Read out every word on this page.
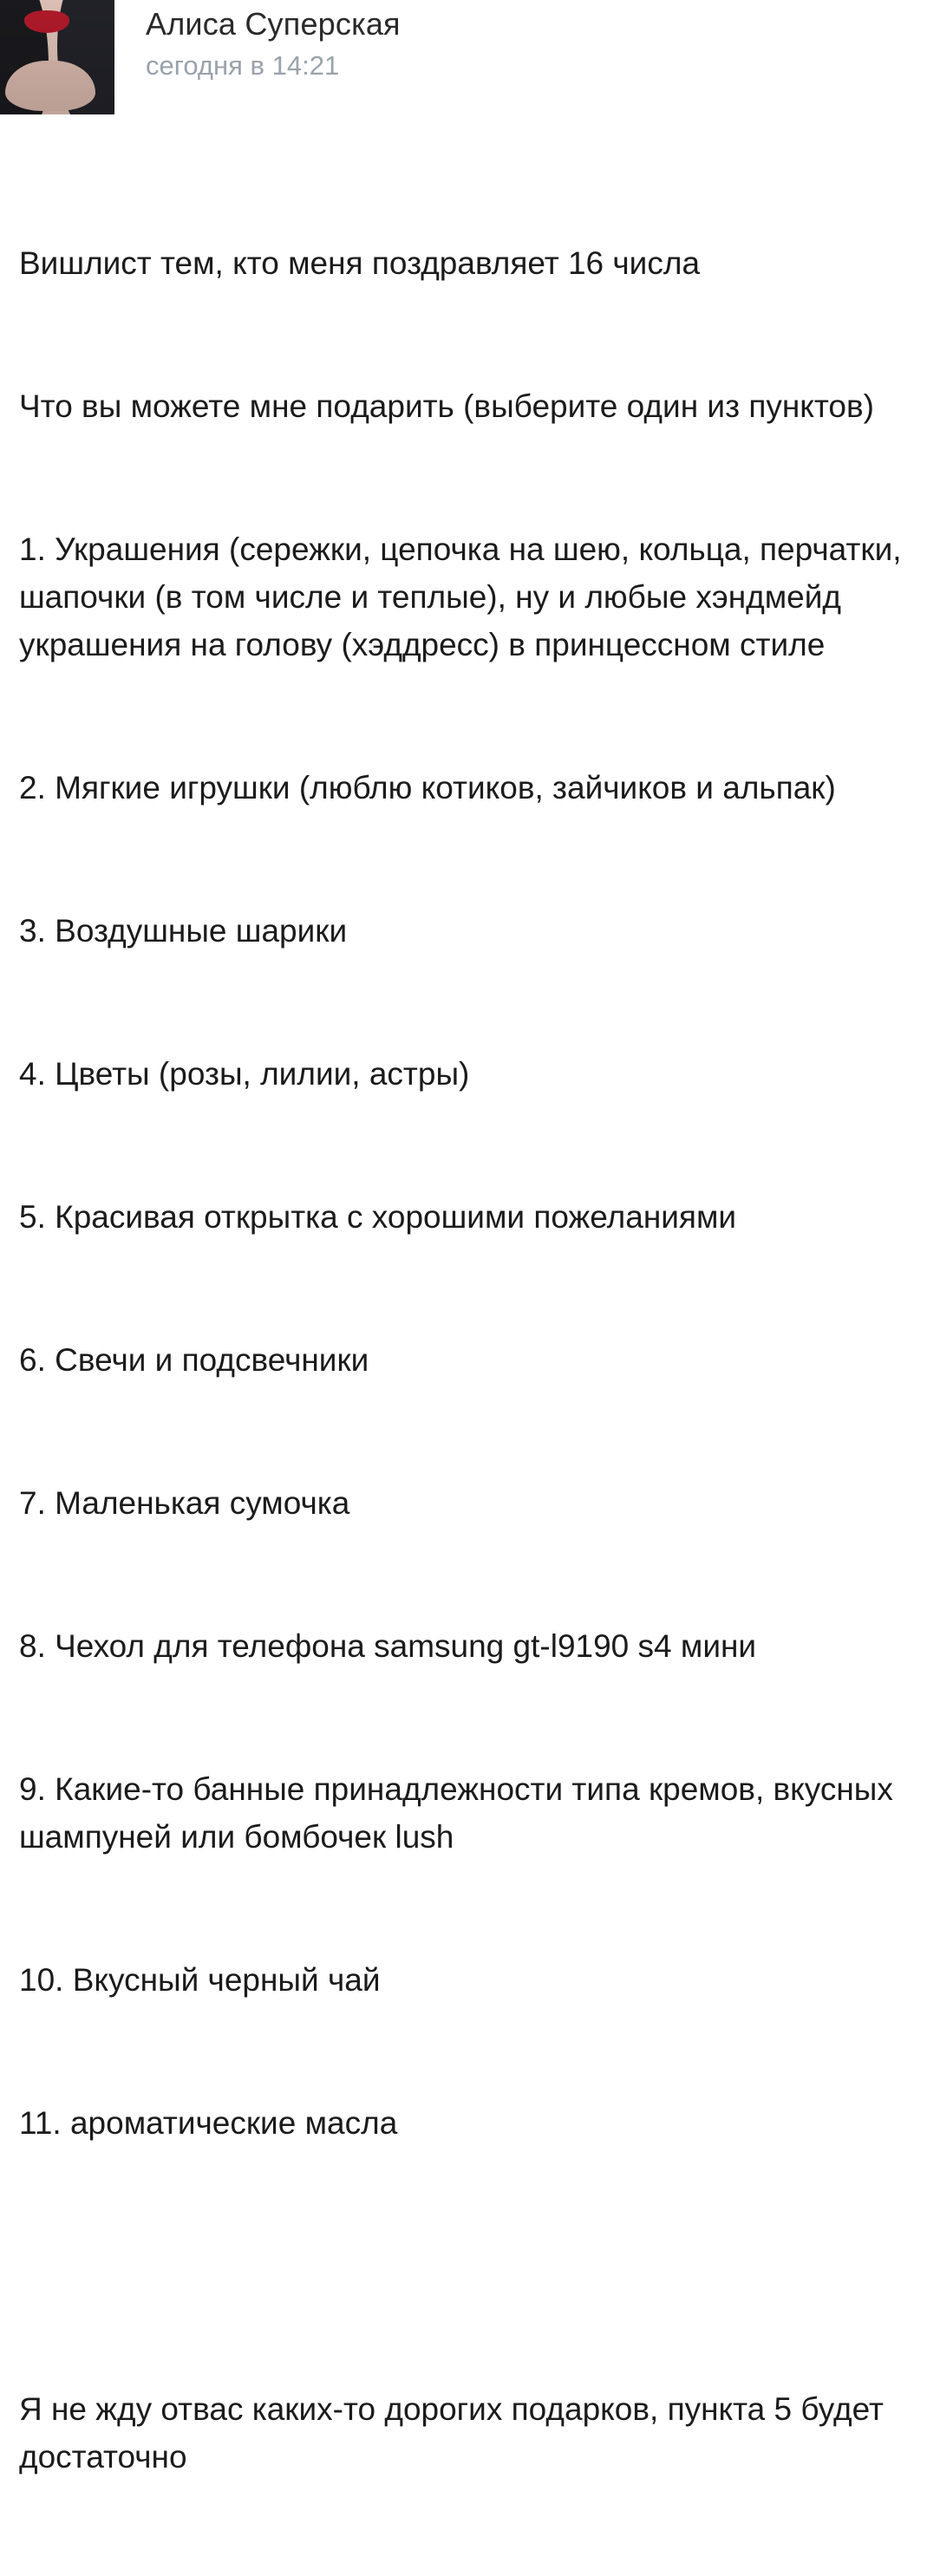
Алиса Суперская
сегодня в 14:21

Вишлист тем, кто меня поздравляет 16 числа

Что вы можете мне подарить (выберите один из пунктов)

1. Украшения (сережки, цепочка на шею, кольца, перчатки, шапочки (в том числе и теплые), ну и любые хэндмейд украшения на голову (хэддресс) в принцессном стиле

2. Мягкие игрушки (люблю котиков, зайчиков и альпак)

3. Воздушные шарики

4. Цветы (розы, лилии, астры)

5. Красивая открытка с хорошими пожеланиями

6. Свечи и подсвечники

7. Маленькая сумочка

8. Чехол для телефона samsung gt-l9190 s4 мини

9. Какие-то банные принадлежности типа кремов, вкусных шампуней или бомбочек lush

10. Вкусный черный чай

11. ароматические масла

Я не жду отвас каких-то дорогих подарков, пункта 5 будет достаточно
